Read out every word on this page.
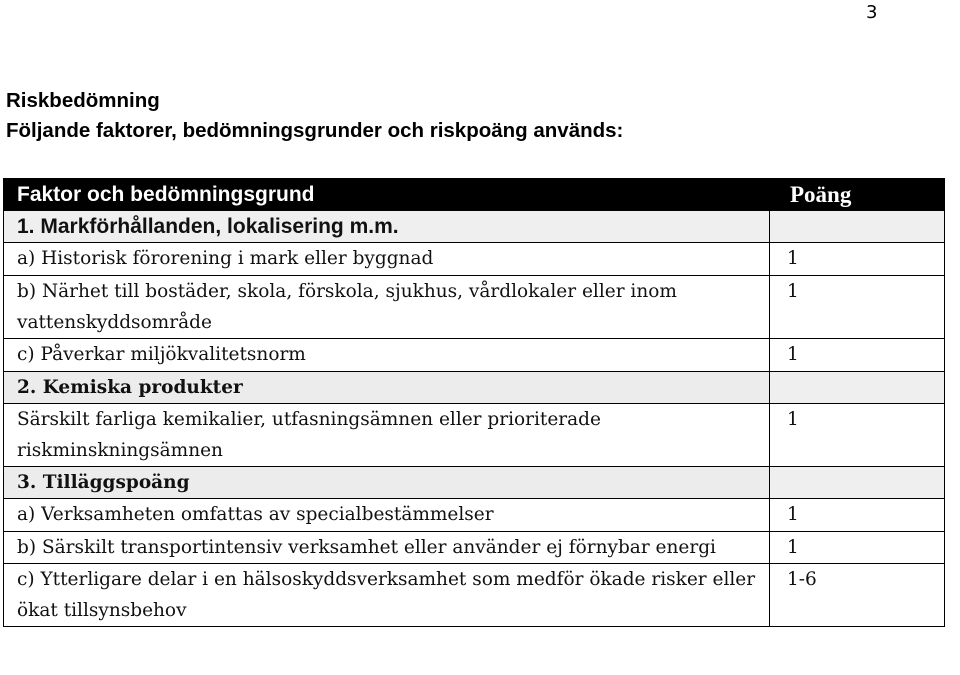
3
Riskbedömning
Följande faktorer, bedömningsgrunder och riskpoäng används:
Faktor och bedömningsgrund	Poäng
1. Markförhållanden, lokalisering m.m.	
a) Historisk förorening i mark eller byggnad	1
b) Närhet till bostäder, skola, förskola, sjukhus, vårdlokaler eller inom vattenskyddsområde	1
c) Påverkar miljökvalitetsnorm	1
2. Kemiska produkter	
Särskilt farliga kemikalier, utfasningsämnen eller prioriterade riskminskningsämnen	1
3. Tilläggspoäng	
a) Verksamheten omfattas av specialbestämmelser	1
b) Särskilt transportintensiv verksamhet eller använder ej förnybar energi	1
c) Ytterligare delar i en hälsoskyddsverksamhet som medför ökade risker eller ökat tillsynsbehov	1-6
